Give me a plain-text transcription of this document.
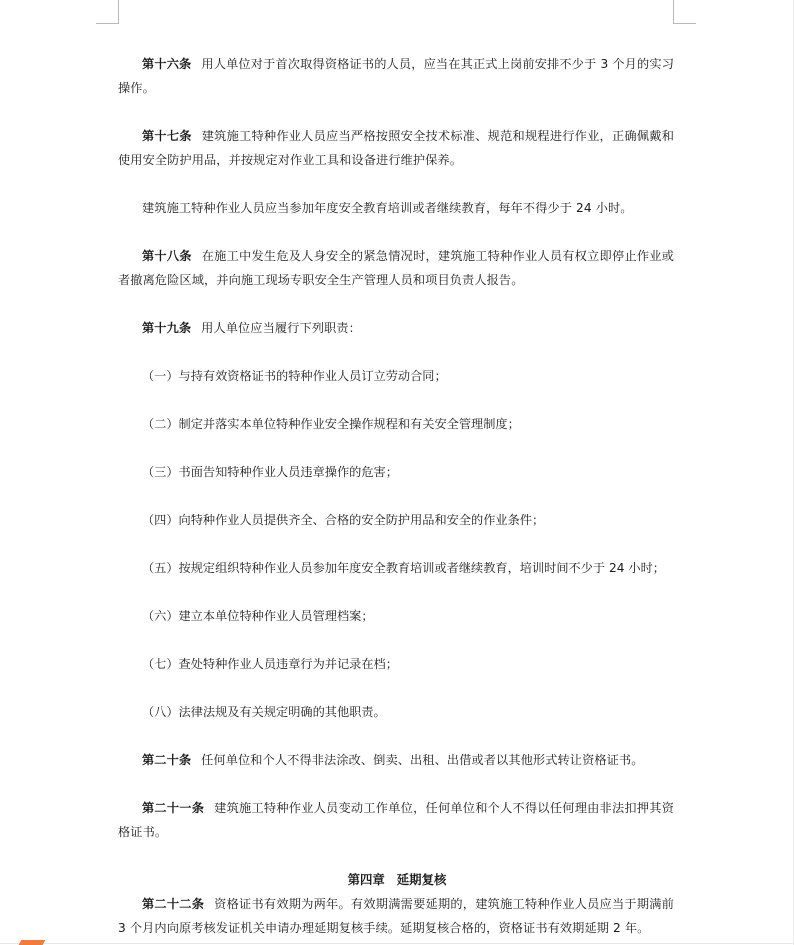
第十六条 用人单位对于首次取得资格证书的人员，应当在其正式上岗前安排不少于 3 个月的实习操作。
第十七条 建筑施工特种作业人员应当严格按照安全技术标准、规范和规程进行作业，正确佩戴和使用安全防护用品，并按规定对作业工具和设备进行维护保养。
建筑施工特种作业人员应当参加年度安全教育培训或者继续教育，每年不得少于 24 小时。
第十八条 在施工中发生危及人身安全的紧急情况时，建筑施工特种作业人员有权立即停止作业或者撤离危险区域，并向施工现场专职安全生产管理人员和项目负责人报告。
第十九条 用人单位应当履行下列职责：
（一）与持有效资格证书的特种作业人员订立劳动合同；
（二）制定并落实本单位特种作业安全操作规程和有关安全管理制度；
（三）书面告知特种作业人员违章操作的危害；
（四）向特种作业人员提供齐全、合格的安全防护用品和安全的作业条件；
（五）按规定组织特种作业人员参加年度安全教育培训或者继续教育，培训时间不少于 24 小时；
（六）建立本单位特种作业人员管理档案；
（七）查处特种作业人员违章行为并记录在档；
（八）法律法规及有关规定明确的其他职责。
第二十条 任何单位和个人不得非法涂改、倒卖、出租、出借或者以其他形式转让资格证书。
第二十一条 建筑施工特种作业人员变动工作单位，任何单位和个人不得以任何理由非法扣押其资格证书。
第四章 延期复核
第二十二条 资格证书有效期为两年。有效期满需要延期的，建筑施工特种作业人员应当于期满前 3 个月内向原考核发证机关申请办理延期复核手续。延期复核合格的，资格证书有效期延期 2 年。
